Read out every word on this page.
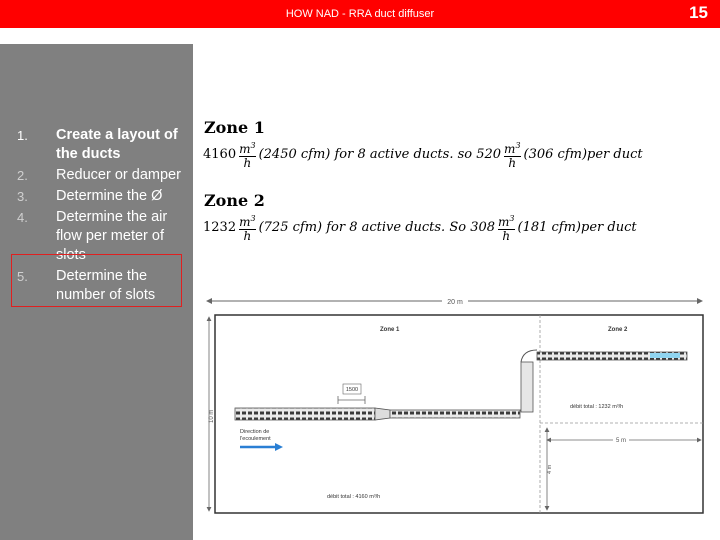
HOW NAD - RRA duct diffuser	15
1. Create a layout of the ducts
2. Reducer or damper
3. Determine the Ø
4. Determine the air flow per meter of slots
5. Determine the number of slots
Zone 1
$4160 \frac{m^3}{h} (2450$ cfm) for 8 active ducts. so $520 \frac{m^3}{h} (306$ cfm)per duct
Zone 2
$1232 \frac{m^3}{h} (725$ cfm) for 8 active ducts. So $308 \frac{m^3}{h} (181$ cfm)per duct
20 m
Zone 1	Zone 2
10 m
1500
Direction de
l'ecoulement
débit total : 1232 m³/h
5 m
4 m
débit total : 4160 m³/h
